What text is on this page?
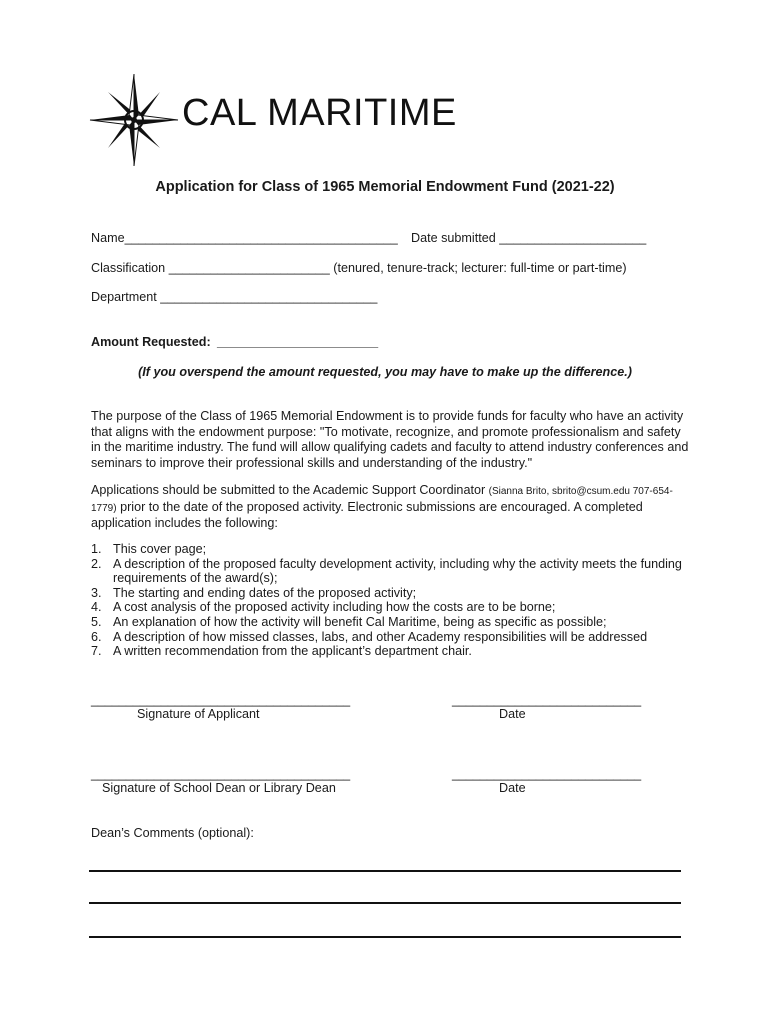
CAL MARITIME
Application for Class of 1965 Memorial Endowment Fund (2021-22)
Name_______________________________________ Date submitted _____________________
Classification _______________________ (tenured, tenure-track; lecturer: full-time or part-time)
Department _______________________________
Amount Requested: _______________________
(If you overspend the amount requested, you may have to make up the difference.)

The purpose of the Class of 1965 Memorial Endowment is to provide funds for faculty who have an activity that aligns with the endowment purpose: "To motivate, recognize, and promote professionalism and safety in the maritime industry. The fund will allow qualifying cadets and faculty to attend industry conferences and seminars to improve their professional skills and understanding of the industry."

Applications should be submitted to the Academic Support Coordinator (Sianna Brito, sbrito@csum.edu 707-654-1779) prior to the date of the proposed activity. Electronic submissions are encouraged. A completed application includes the following:

1. This cover page;
2. A description of the proposed faculty development activity, including why the activity meets the funding requirements of the award(s);
3. The starting and ending dates of the proposed activity;
4. A cost analysis of the proposed activity including how the costs are to be borne;
5. An explanation of how the activity will benefit Cal Maritime, being as specific as possible;
6. A description of how missed classes, labs, and other Academy responsibilities will be addressed
7. A written recommendation from the applicant’s department chair.
_____________________________________	___________________________
Signature of Applicant	Date
_____________________________________	___________________________
Signature of School Dean or Library Dean	Date
Dean’s Comments (optional):
